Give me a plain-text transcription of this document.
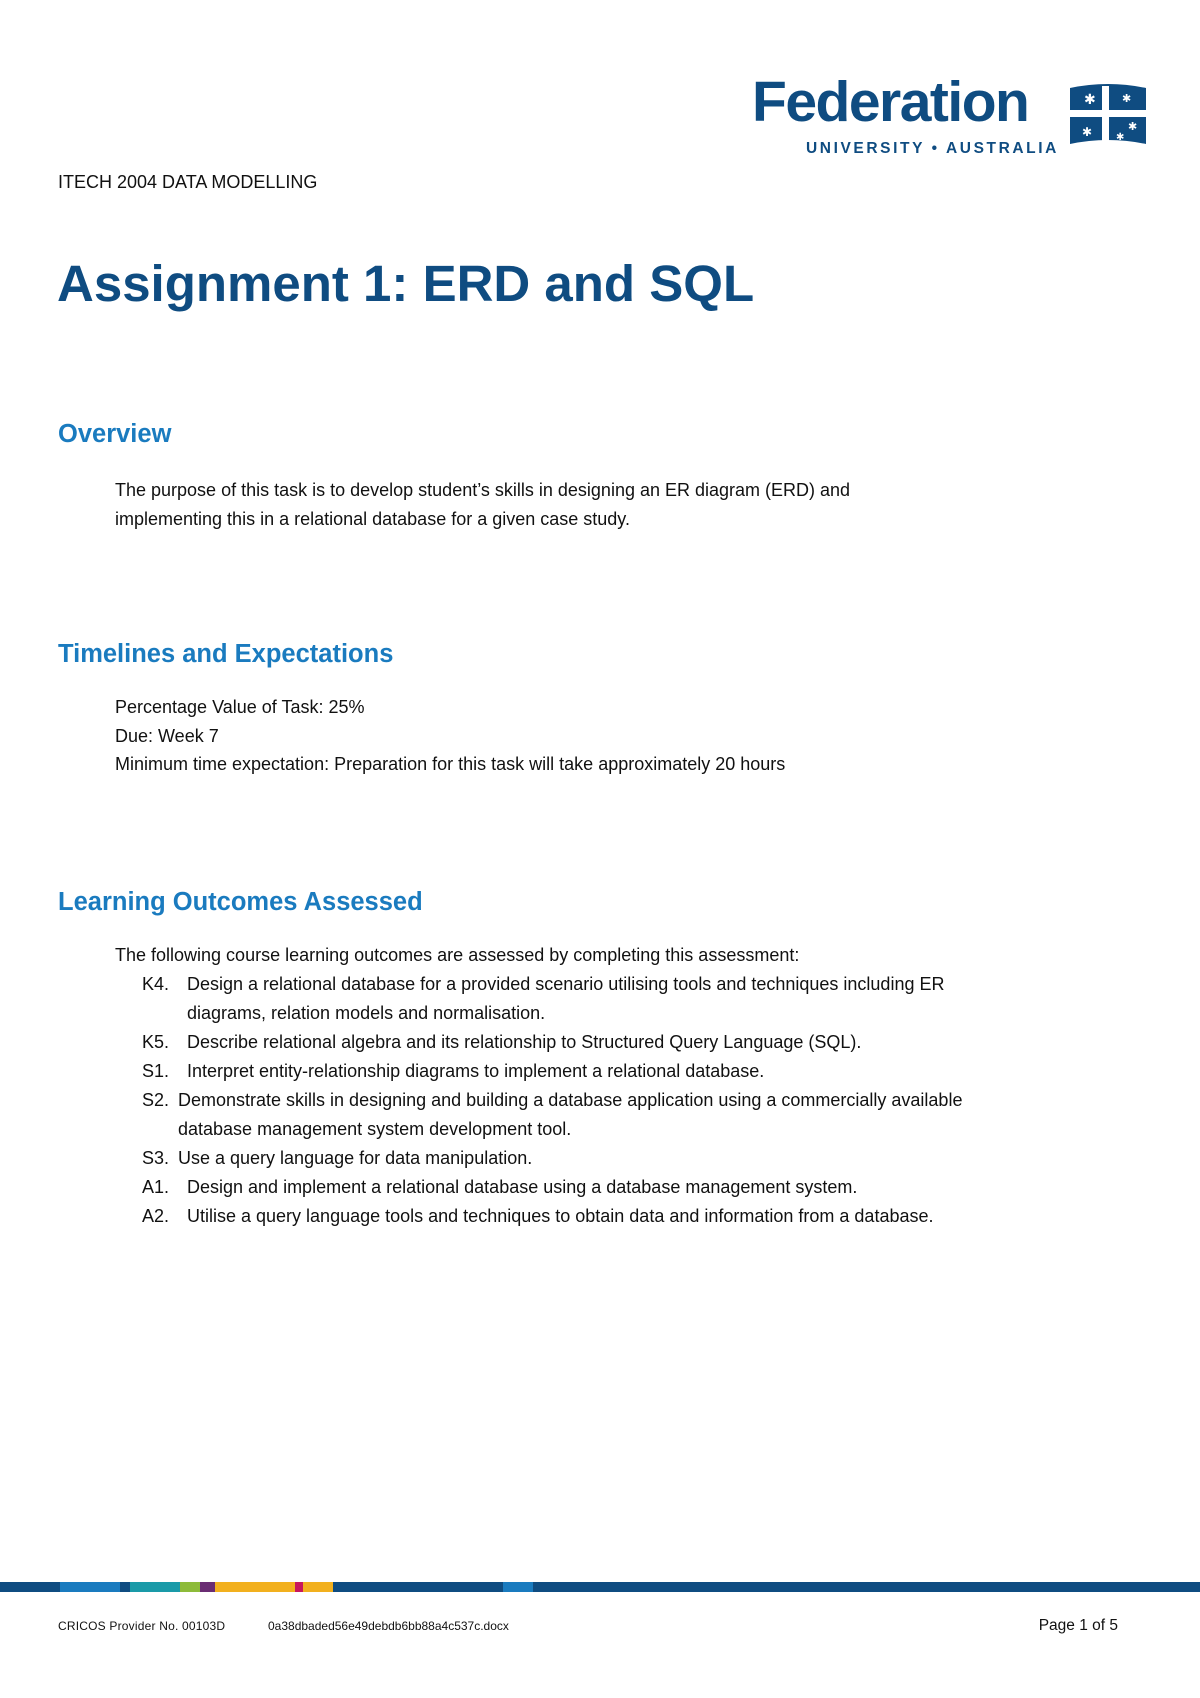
Federation
UNIVERSITY • AUSTRALIA
✱ ✱
✱
✱
✱
ITECH 2004 DATA MODELLING
Assignment 1: ERD and SQL
Overview

The purpose of this task is to develop student’s skills in designing an ER diagram (ERD) and

implementing this in a relational database for a given case study.

Timelines and Expectations

Percentage Value of Task: 25%

Due: Week 7

Minimum time expectation: Preparation for this task will take approximately 20 hours

Learning Outcomes Assessed

The following course learning outcomes are assessed by completing this assessment:

K4. Design a relational database for a provided scenario utilising tools and techniques including ER diagrams, relation models and normalisation.
K5. Describe relational algebra and its relationship to Structured Query Language (SQL).
S1. Interpret entity-relationship diagrams to implement a relational database.
S2. Demonstrate skills in designing and building a database application using a commercially available database management system development tool.
S3. Use a query language for data manipulation.
A1. Design and implement a relational database using a database management system.
A2. Utilise a query language tools and techniques to obtain data and information from a database.
CRICOS Provider No. 00103D	0a38dbaded56e49debdb6bb88a4c537c.docx	Page 1 of 5
